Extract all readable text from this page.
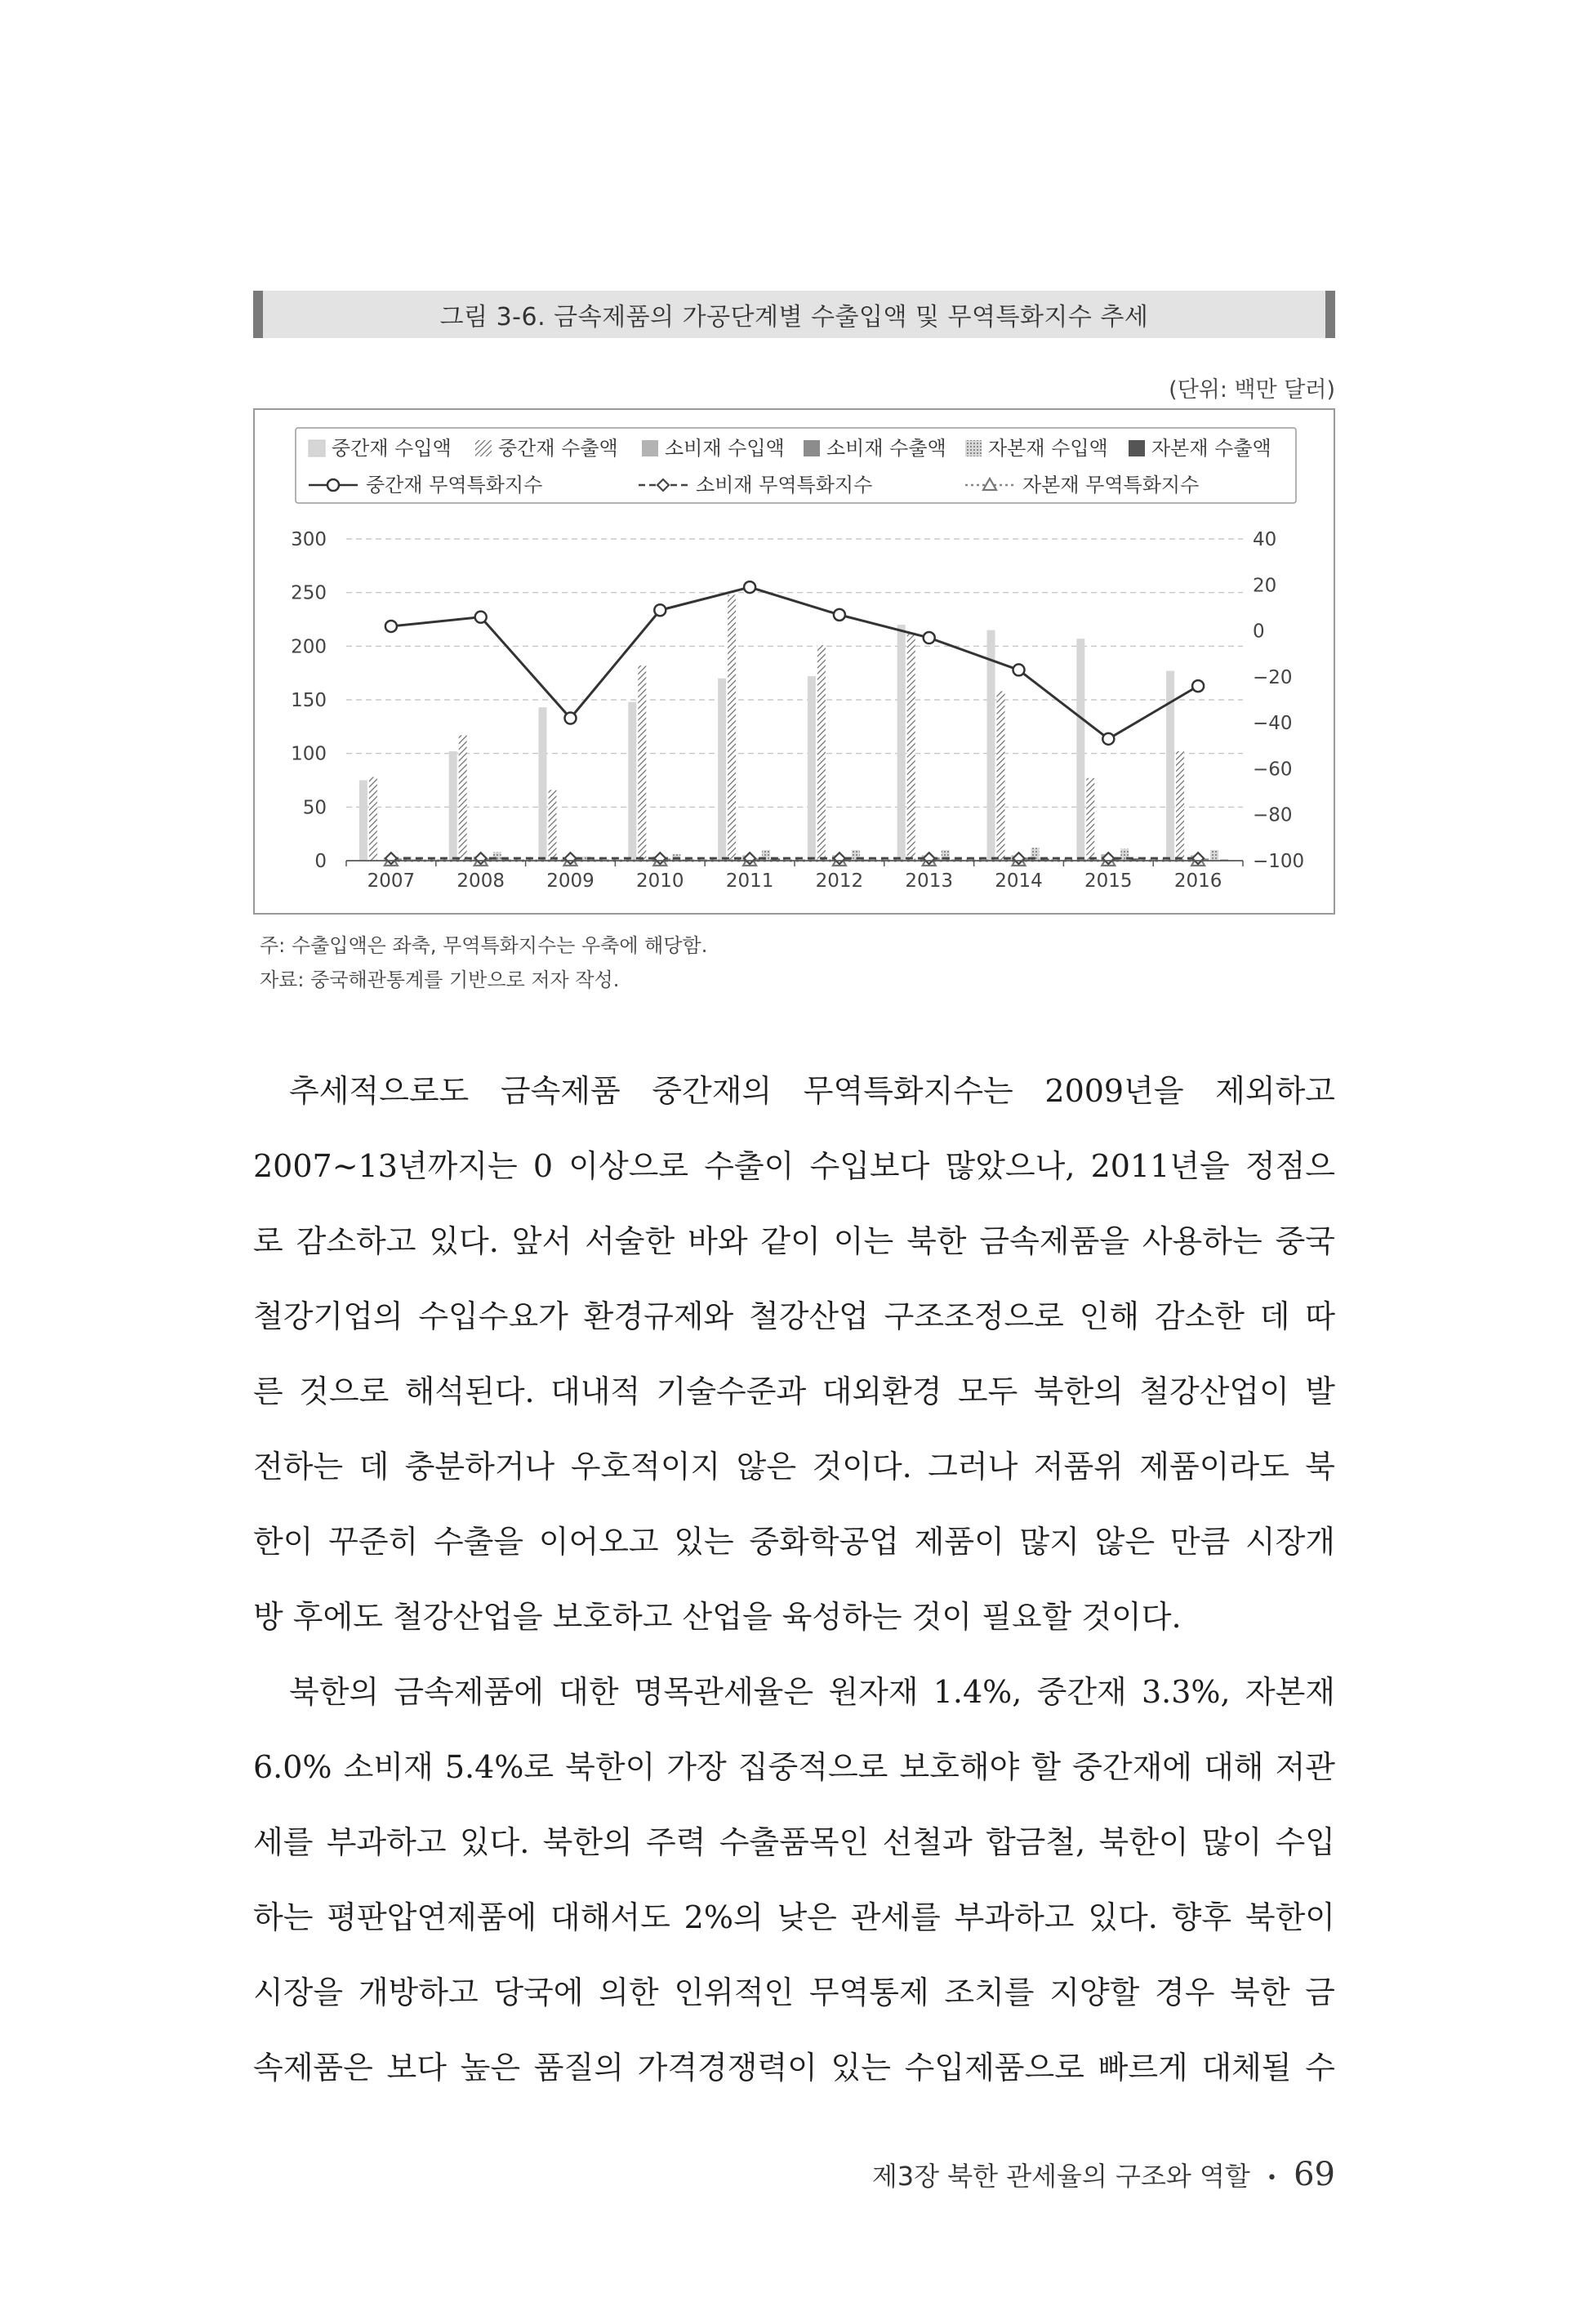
그림 3-6. 금속제품의 가공단계별 수출입액 및 무역특화지수 추세
(단위: 백만 달러)
중간재 수입액 중간재 수출액 소비재 수입액 소비재 수출액 자본재 수입액 자본재 수출액
중간재 무역특화지수	소비재 무역특화지수	자본재 무역특화지수
0
50
100
150
200
250
300
−100
−80
−60
−40
−20
0
20
40
2007 2008 2009 2010 2011 2012 2013 2014 2015 2016
주: 수출입액은 좌축, 무역특화지수는 우축에 해당함.
자료: 중국해관통계를 기반으로 저자 작성.
추세적으로도 금속제품 중간재의 무역특화지수는 2009년을 제외하고
2007~13년까지는 0 이상으로 수출이 수입보다 많았으나, 2011년을 정점으
로 감소하고 있다. 앞서 서술한 바와 같이 이는 북한 금속제품을 사용하는 중국
철강기업의 수입수요가 환경규제와 철강산업 구조조정으로 인해 감소한 데 따
른 것으로 해석된다. 대내적 기술수준과 대외환경 모두 북한의 철강산업이 발
전하는 데 충분하거나 우호적이지 않은 것이다. 그러나 저품위 제품이라도 북
한이 꾸준히 수출을 이어오고 있는 중화학공업 제품이 많지 않은 만큼 시장개
방 후에도 철강산업을 보호하고 산업을 육성하는 것이 필요할 것이다.
북한의 금속제품에 대한 명목관세율은 원자재 1.4%, 중간재 3.3%, 자본재
6.0% 소비재 5.4%로 북한이 가장 집중적으로 보호해야 할 중간재에 대해 저관
세를 부과하고 있다. 북한의 주력 수출품목인 선철과 합금철, 북한이 많이 수입
하는 평판압연제품에 대해서도 2%의 낮은 관세를 부과하고 있다. 향후 북한이
시장을 개방하고 당국에 의한 인위적인 무역통제 조치를 지양할 경우 북한 금
속제품은 보다 높은 품질의 가격경쟁력이 있는 수입제품으로 빠르게 대체될 수
제3장 북한 관세율의 구조와 역할 • 69
